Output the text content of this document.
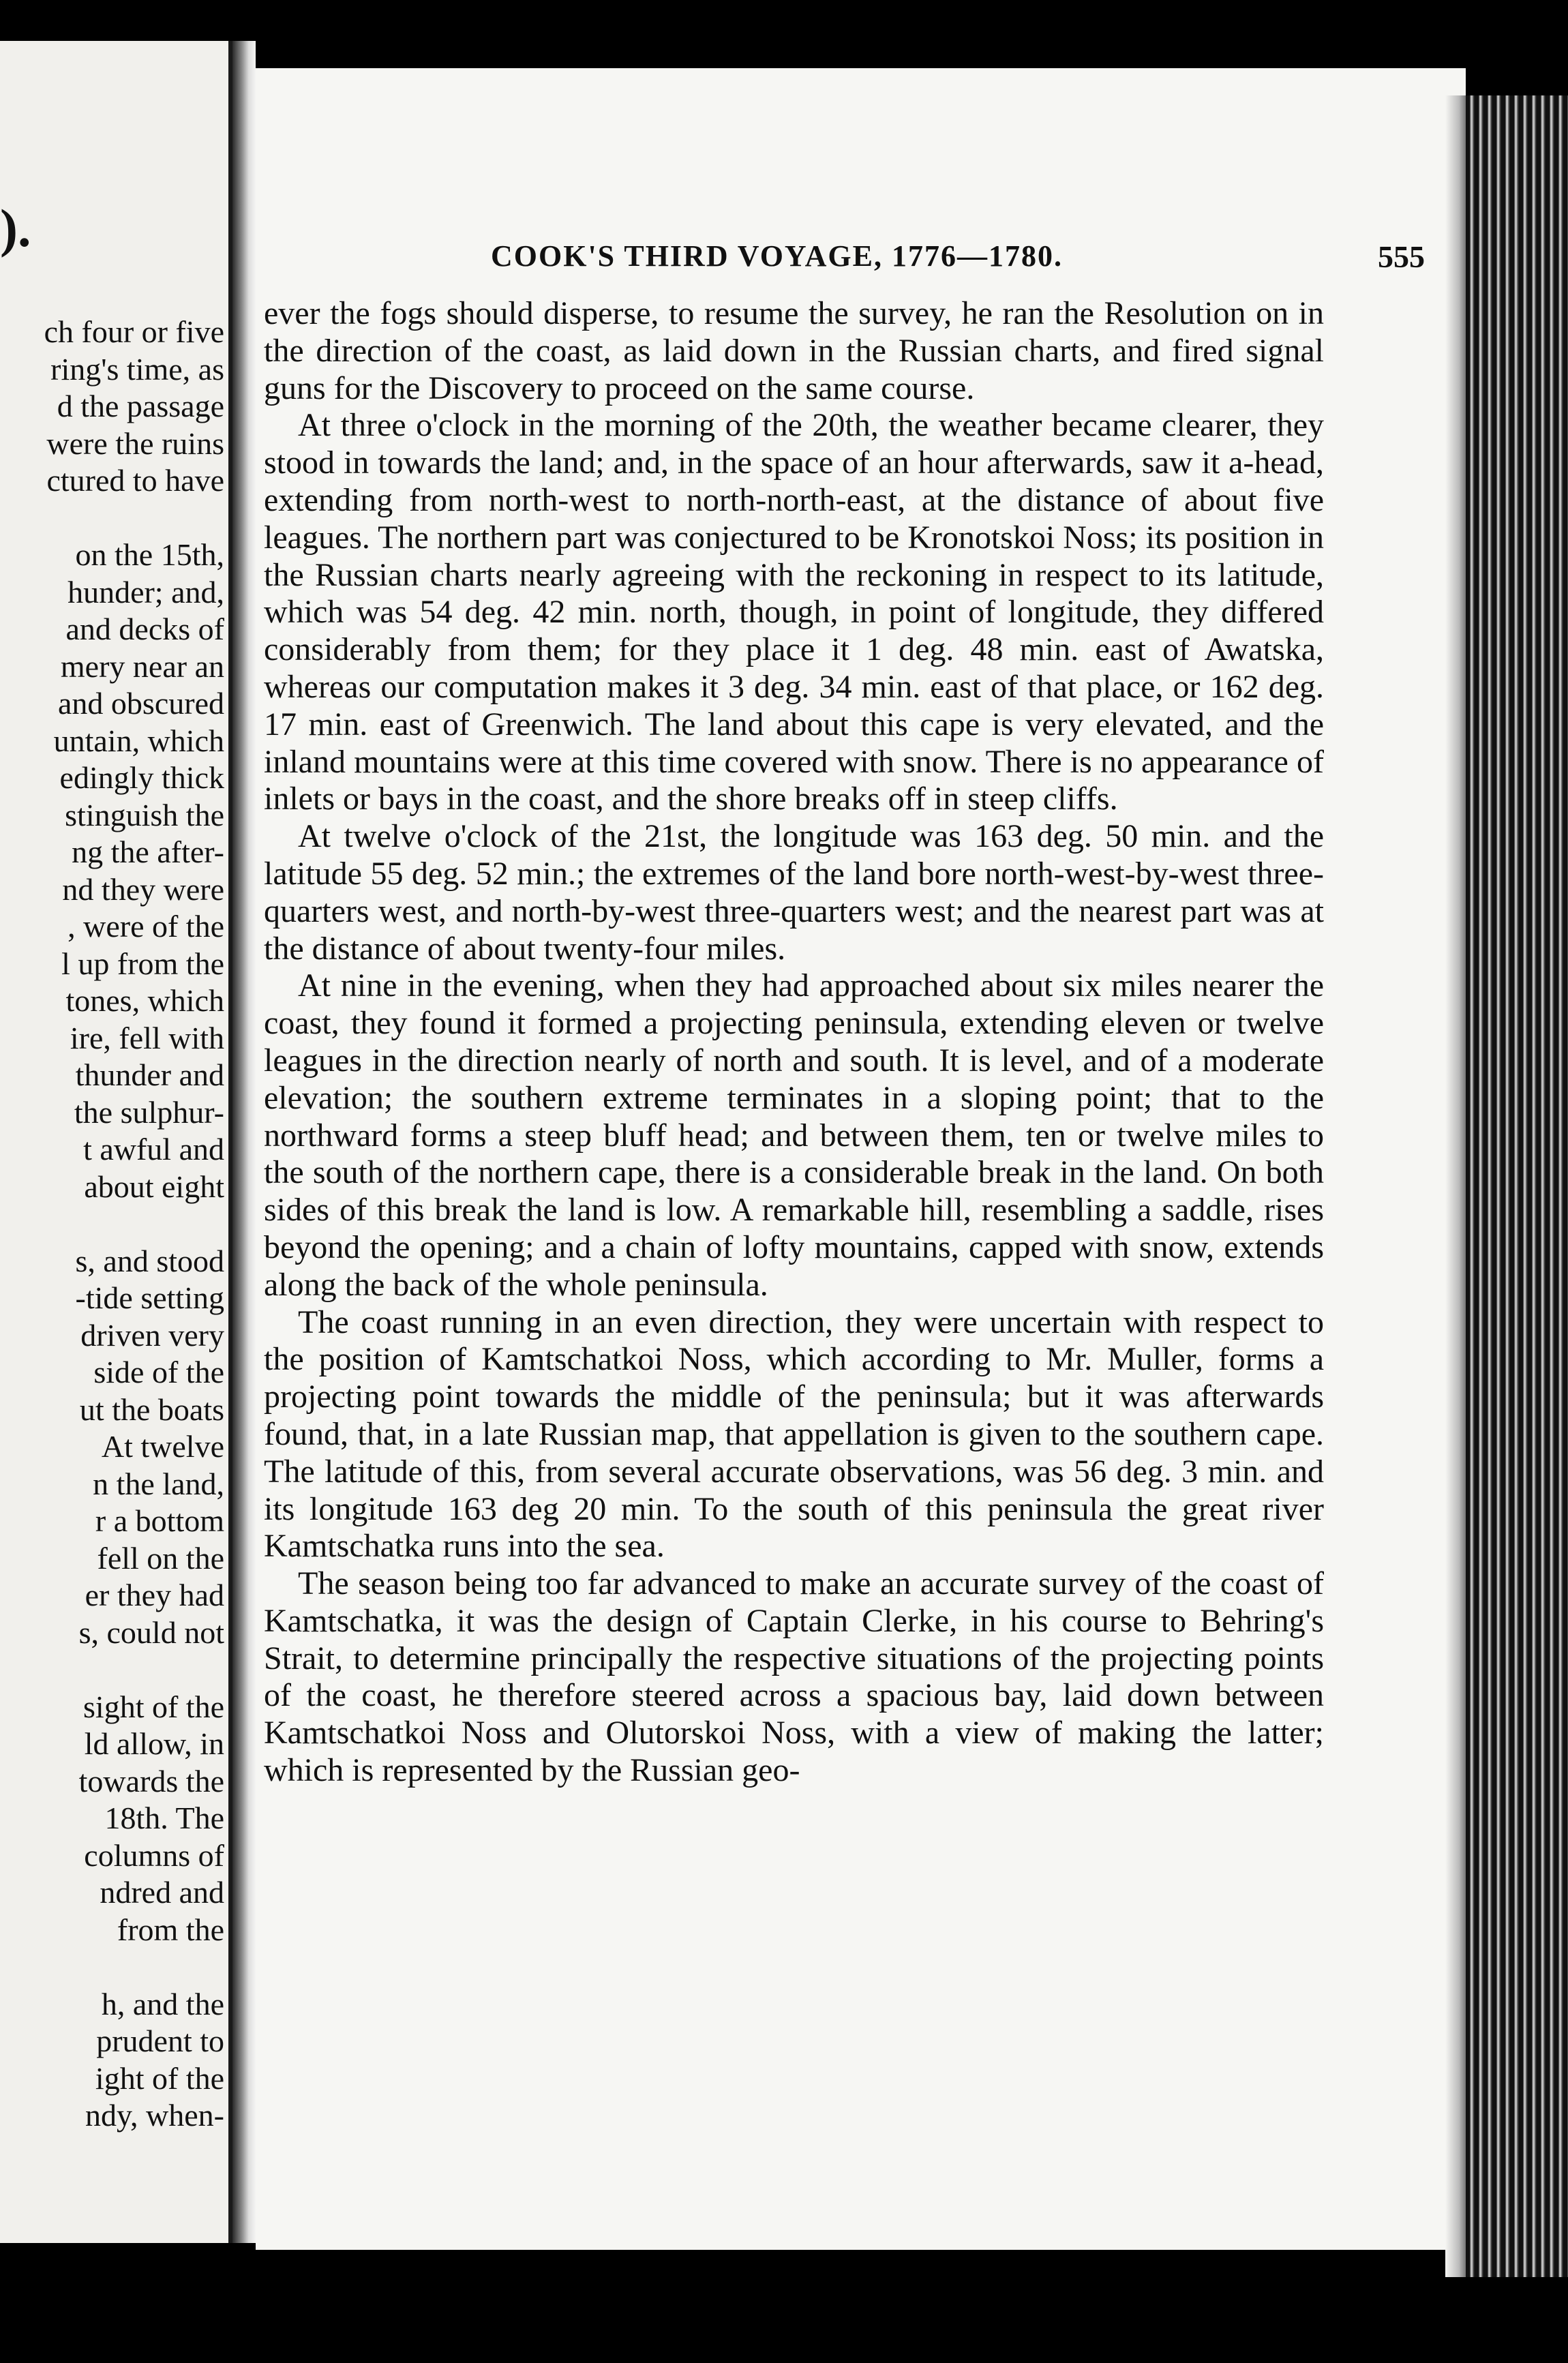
).
ch four or five
ring's time, as
d the passage
were the ruins
ctured to have
on the 15th,
hunder; and,
and decks of
mery near an
and obscured
untain, which
edingly thick
stinguish the
ng the after-
nd they were
, were of the
l up from the
tones, which
ire, fell with
thunder and
the sulphur-
t awful and
about eight
s, and stood
-tide setting
driven very
side of the
ut the boats
At twelve
n the land,
r a bottom
fell on the
er they had
s, could not
sight of the
ld allow, in
towards the
18th. The
columns of
ndred and
from the
h, and the
prudent to
ight of the
ndy, when-
COOK'S THIRD VOYAGE, 1776—1780.	555

ever the fogs should disperse, to resume the survey, he ran the Resolution on in the direction of the coast, as laid down in the Russian charts, and fired signal guns for the Discovery to proceed on the same course.

At three o'clock in the morning of the 20th, the weather became clearer, they stood in towards the land; and, in the space of an hour afterwards, saw it a-head, extending from north-west to north-north-east, at the distance of about five leagues. The northern part was conjectured to be Kronotskoi Noss; its position in the Russian charts nearly agreeing with the reckoning in respect to its latitude, which was 54 deg. 42 min. north, though, in point of longitude, they differed considerably from them; for they place it 1 deg. 48 min. east of Awatska, whereas our computation makes it 3 deg. 34 min. east of that place, or 162 deg. 17 min. east of Greenwich. The land about this cape is very elevated, and the inland mountains were at this time covered with snow. There is no appearance of inlets or bays in the coast, and the shore breaks off in steep cliffs.

At twelve o'clock of the 21st, the longitude was 163 deg. 50 min. and the latitude 55 deg. 52 min.; the extremes of the land bore north-west-by-west three-quarters west, and north-by-west three-quarters west; and the nearest part was at the distance of about twenty-four miles.

At nine in the evening, when they had approached about six miles nearer the coast, they found it formed a projecting peninsula, extending eleven or twelve leagues in the direction nearly of north and south. It is level, and of a moderate elevation; the southern extreme terminates in a sloping point; that to the northward forms a steep bluff head; and between them, ten or twelve miles to the south of the northern cape, there is a considerable break in the land. On both sides of this break the land is low. A remarkable hill, resembling a saddle, rises beyond the opening; and a chain of lofty mountains, capped with snow, extends along the back of the whole peninsula.

The coast running in an even direction, they were uncertain with respect to the position of Kamtschatkoi Noss, which according to Mr. Muller, forms a projecting point towards the middle of the peninsula; but it was afterwards found, that, in a late Russian map, that appellation is given to the southern cape. The latitude of this, from several accurate observations, was 56 deg. 3 min. and its longitude 163 deg 20 min. To the south of this peninsula the great river Kamtschatka runs into the sea.

The season being too far advanced to make an accurate survey of the coast of Kamtschatka, it was the design of Captain Clerke, in his course to Behring's Strait, to determine principally the respective situations of the projecting points of the coast, he therefore steered across a spacious bay, laid down between Kamtschatkoi Noss and Olutorskoi Noss, with a view of making the latter; which is represented by the Russian geo-
